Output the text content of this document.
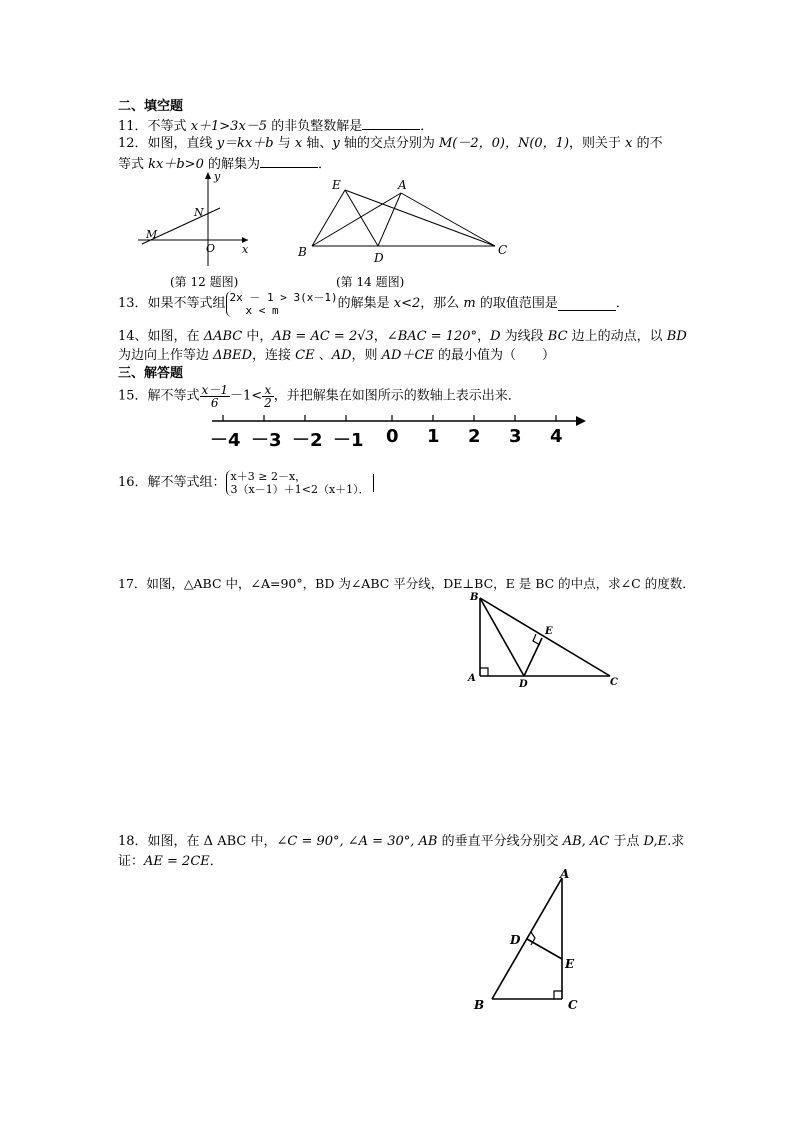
二、填空题
11．不等式 x＋1>3x－5 的非负整数解是	．
12．如图，直线 y＝kx＋b 与 x 轴、y 轴的交点分别为 M(－2，0)，N(0，1)，则关于 x 的不
等式 kx＋b>0 的解集为	．
y
x
N
M
O
(第 12 题图)
E	A
B	D
C
(第 14 题图)
13．如果不等式组 2x － 1 > 3(x－1)
x < m	的解集是 x<2，那么 m 的取值范围是	．
14、如图，在 ΔABC 中，AB = AC = 2√3，∠BAC = 120°，D 为线段 BC 边上的动点，以 BD
为边向上作等边 ΔBED，连接 CE 、AD，则 AD＋CE 的最小值为（　　）
三、解答题
15．解不等式 $\frac{x-1}{6} -1< \frac{x}{2}$ ，并把解集在如图所示的数轴上表示出来．
－4 －3 －2 －1 0 1 2 3 4
16．解不等式组： x＋3 ≥ 2－x，
3（x－1）＋1<2（x＋1）．
17．如图，△ABC 中，∠A=90°，BD 为∠ABC 平分线，DE⊥BC，E 是 BC 的中点，求∠C 的度数．
B
E
A
D	C
18．如图，在 Δ ABC 中，∠C = 90°, ∠A = 30°, AB 的垂直平分线分别交 AB, AC 于点 D,E.求
证：AE = 2CE．
A
D
E
B	C
